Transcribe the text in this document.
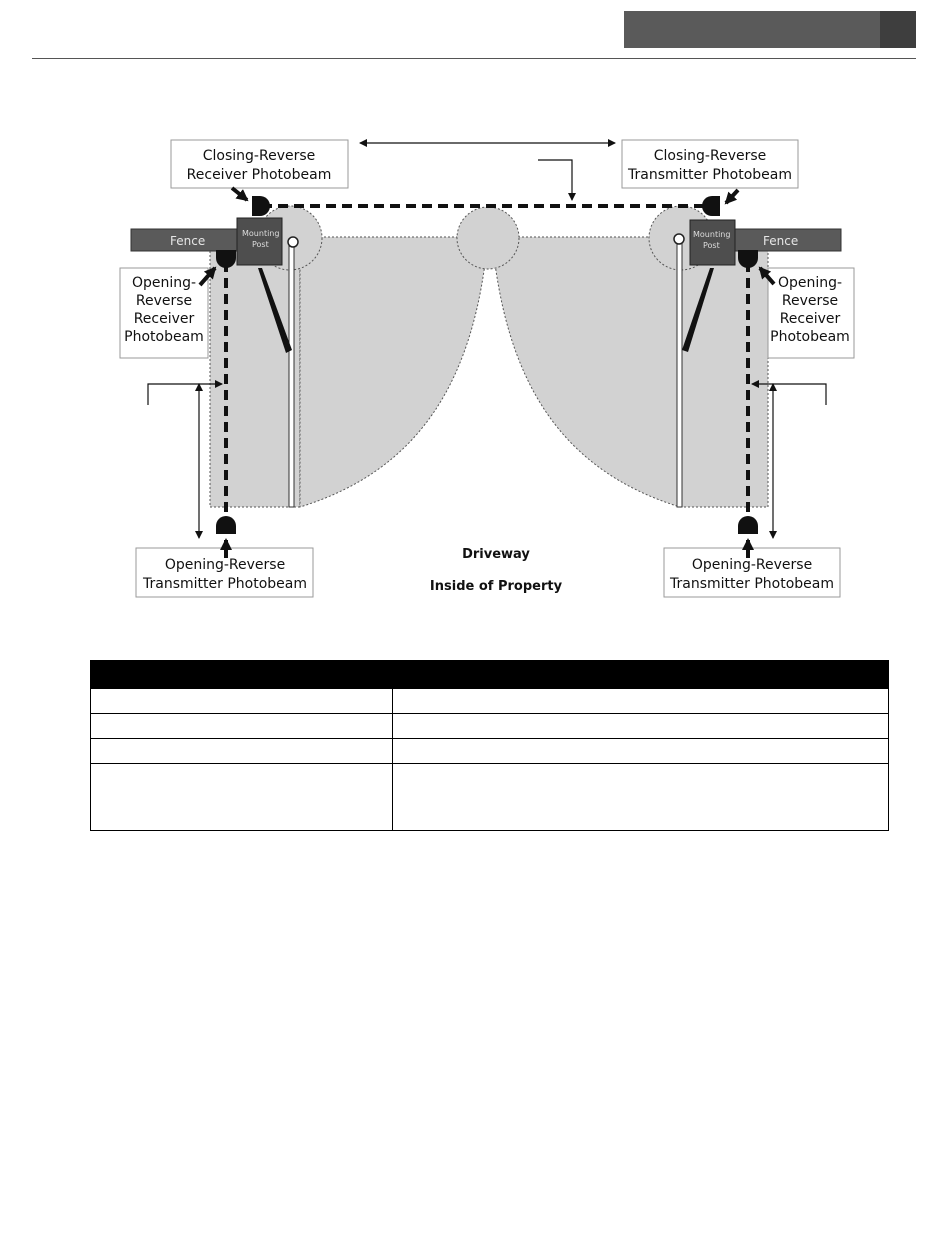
Fence	Fence
Mounting
Post
Mounting
Post
Closing-Reverse
Receiver Photobeam
Closing-Reverse
Transmitter Photobeam
Opening-
Reverse
Receiver
Photobeam
Opening-
Reverse
Receiver
Photobeam
Opening-Reverse
Transmitter Photobeam
Opening-Reverse
Transmitter Photobeam
Driveway
Inside of Property
